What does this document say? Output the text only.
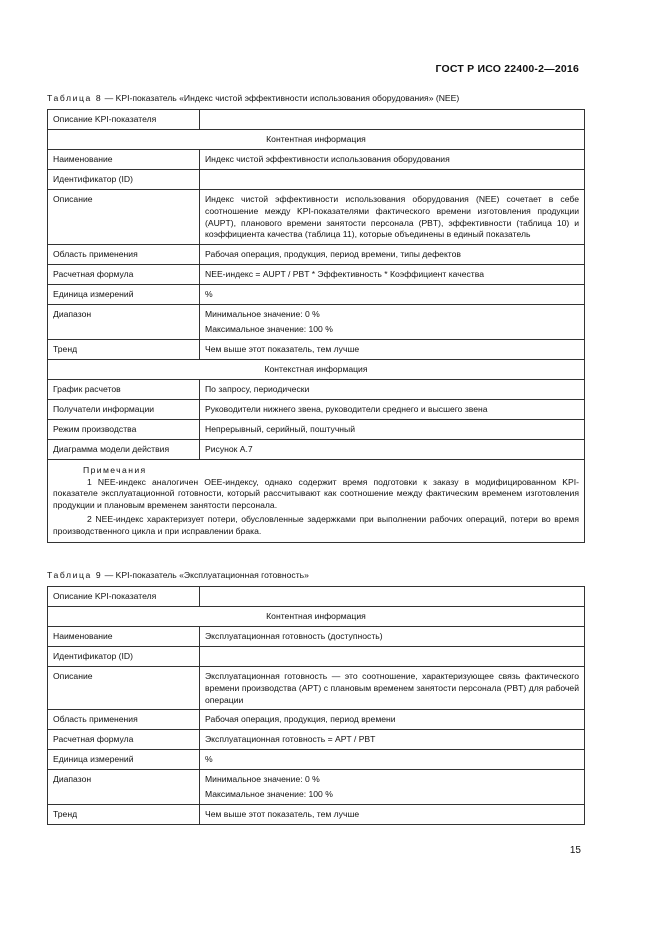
ГОСТ Р ИСО 22400-2—2016
Таблица 8 — KPI-показатель «Индекс чистой эффективности использования оборудования» (NEE)
Описание KPI-показателя	
Контентная информация	
Наименование	Индекс чистой эффективности использования оборудования
Идентификатор (ID)	
Описание	Индекс чистой эффективности использования оборудования (NEE) сочетает в себе соотношение между KPI-показателями фактического времени изготовления продукции (AUPT), планового времени занятости персонала (PBT), эффективности (таблица 10) и коэффициента качества (таблица 11), которые объединены в единый показатель
Область применения	Рабочая операция, продукция, период времени, типы дефектов
Расчетная формула	NEE-индекс = AUPT / PBT * Эффективность * Коэффициент качества
Единица измерений	%
Диапазон	Минимальное значение: 0 %
Максимальное значение: 100 %

Тренд	Чем выше этот показатель, тем лучше
Контекстная информация	
График расчетов	По запросу, периодически
Получатели информации	Руководители нижнего звена, руководители среднего и высшего звена
Режим производства	Непрерывный, серийный, поштучный
Диаграмма модели действия	Рисунок А.7

Примечания
1 NEE-индекс аналогичен OEE-индексу, однако содержит время подготовки к заказу в модифицированном KPI-показателе эксплуатационной готовности, который рассчитывают как соотношение между фактическим временем изготовления продукции и плановым временем занятости персонала.
2 NEE-индекс характеризует потери, обусловленные задержками при выполнении рабочих операций, потери во время производственного цикла и при исправлении брака.	
Таблица 9 — KPI-показатель «Эксплуатационная готовность»
Описание KPI-показателя	
Контентная информация	
Наименование	Эксплуатационная готовность (доступность)
Идентификатор (ID)	
Описание	Эксплуатационная готовность — это соотношение, характеризующее связь фактического времени производства (APT) с плановым временем занятости персонала (PBT) для рабочей операции
Область применения	Рабочая операция, продукция, период времени
Расчетная формула	Эксплуатационная готовность = APT / PBT
Единица измерений	%
Диапазон	Минимальное значение: 0 %
Максимальное значение: 100 %

Тренд	Чем выше этот показатель, тем лучше
15
